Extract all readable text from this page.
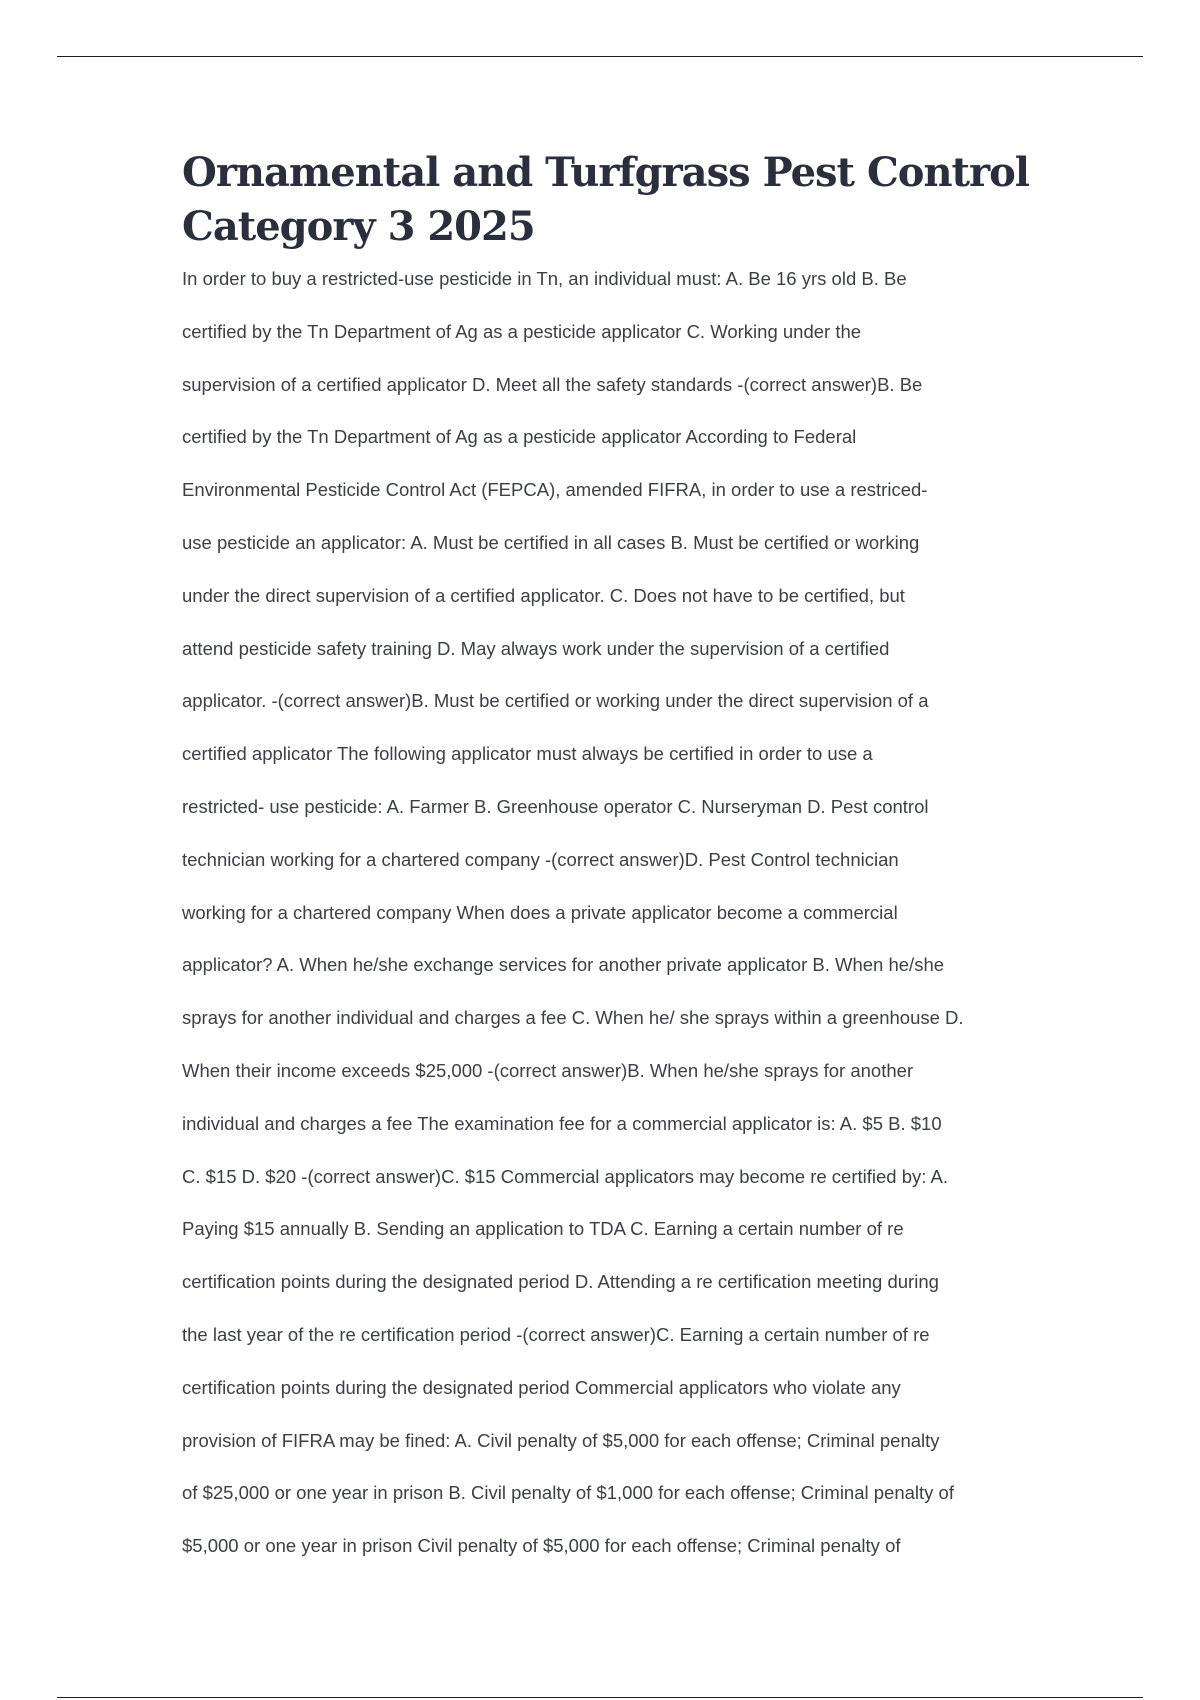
Ornamental and Turfgrass Pest Control
Category 3 2025
In order to buy a restricted-use pesticide in Tn, an individual must: A. Be 16 yrs old B. Be
certified by the Tn Department of Ag as a pesticide applicator C. Working under the
supervision of a certified applicator D. Meet all the safety standards -(correct answer)B. Be
certified by the Tn Department of Ag as a pesticide applicator According to Federal
Environmental Pesticide Control Act (FEPCA), amended FIFRA, in order to use a restriced-
use pesticide an applicator: A. Must be certified in all cases B. Must be certified or working
under the direct supervision of a certified applicator. C. Does not have to be certified, but
attend pesticide safety training D. May always work under the supervision of a certified
applicator. -(correct answer)B. Must be certified or working under the direct supervision of a
certified applicator The following applicator must always be certified in order to use a
restricted- use pesticide: A. Farmer B. Greenhouse operator C. Nurseryman D. Pest control
technician working for a chartered company -(correct answer)D. Pest Control technician
working for a chartered company When does a private applicator become a commercial
applicator? A. When he/she exchange services for another private applicator B. When he/she
sprays for another individual and charges a fee C. When he/ she sprays within a greenhouse D.
When their income exceeds $25,000 -(correct answer)B. When he/she sprays for another
individual and charges a fee The examination fee for a commercial applicator is: A. $5 B. $10
C. $15 D. $20 -(correct answer)C. $15 Commercial applicators may become re certified by: A.
Paying $15 annually B. Sending an application to TDA C. Earning a certain number of re
certification points during the designated period D. Attending a re certification meeting during
the last year of the re certification period -(correct answer)C. Earning a certain number of re
certification points during the designated period Commercial applicators who violate any
provision of FIFRA may be fined: A. Civil penalty of $5,000 for each offense; Criminal penalty
of $25,000 or one year in prison B. Civil penalty of $1,000 for each offense; Criminal penalty of
$5,000 or one year in prison Civil penalty of $5,000 for each offense; Criminal penalty of
